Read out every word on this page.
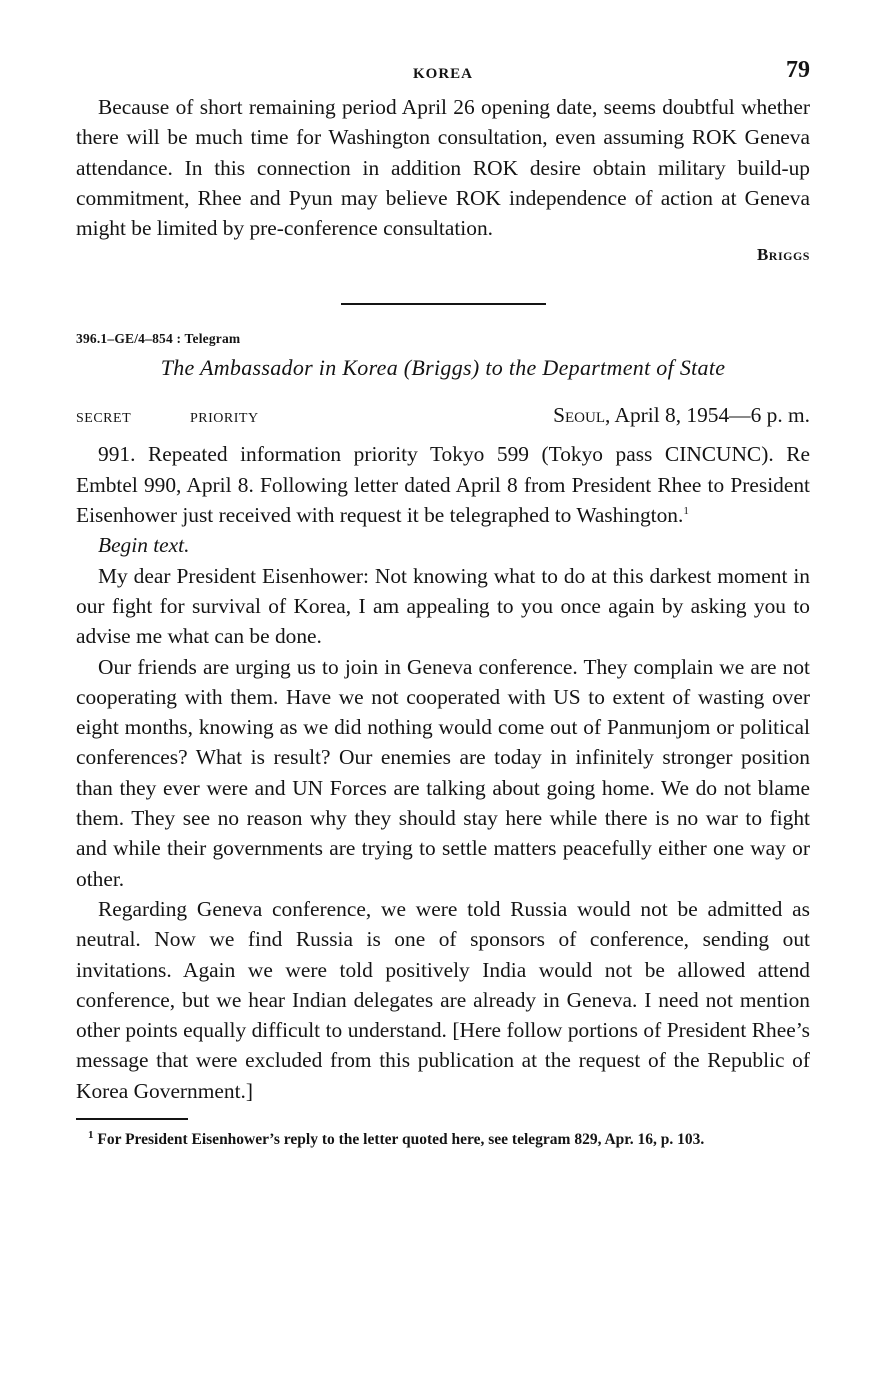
KOREA	79

Because of short remaining period April 26 opening date, seems doubtful whether there will be much time for Washington consultation, even assuming ROK Geneva attendance. In this connection in addition ROK desire obtain military build-up commitment, Rhee and Pyun may believe ROK independence of action at Geneva might be limited by pre-conference consultation.

Briggs
396.1–GE/4–854 : Telegram
The Ambassador in Korea (Briggs) to the Department of State
SECRET	PRIORITY	Seoul, April 8, 1954—6 p. m.

991. Repeated information priority Tokyo 599 (Tokyo pass CINCUNC). Re Embtel 990, April 8. Following letter dated April 8 from President Rhee to President Eisenhower just received with request it be telegraphed to Washington.$^1$

Begin text.

My dear President Eisenhower: Not knowing what to do at this darkest moment in our fight for survival of Korea, I am appealing to you once again by asking you to advise me what can be done.

Our friends are urging us to join in Geneva conference. They complain we are not cooperating with them. Have we not cooperated with US to extent of wasting over eight months, knowing as we did nothing would come out of Panmunjom or political conferences? What is result? Our enemies are today in infinitely stronger position than they ever were and UN Forces are talking about going home. We do not blame them. They see no reason why they should stay here while there is no war to fight and while their governments are trying to settle matters peacefully either one way or other.

Regarding Geneva conference, we were told Russia would not be admitted as neutral. Now we find Russia is one of sponsors of conference, sending out invitations. Again we were told positively India would not be allowed attend conference, but we hear Indian delegates are already in Geneva. I need not mention other points equally difficult to understand. [Here follow portions of President Rhee’s message that were excluded from this publication at the request of the Republic of Korea Government.]

$^1$ For President Eisenhower’s reply to the letter quoted here, see telegram 829, Apr. 16, p. 103.
